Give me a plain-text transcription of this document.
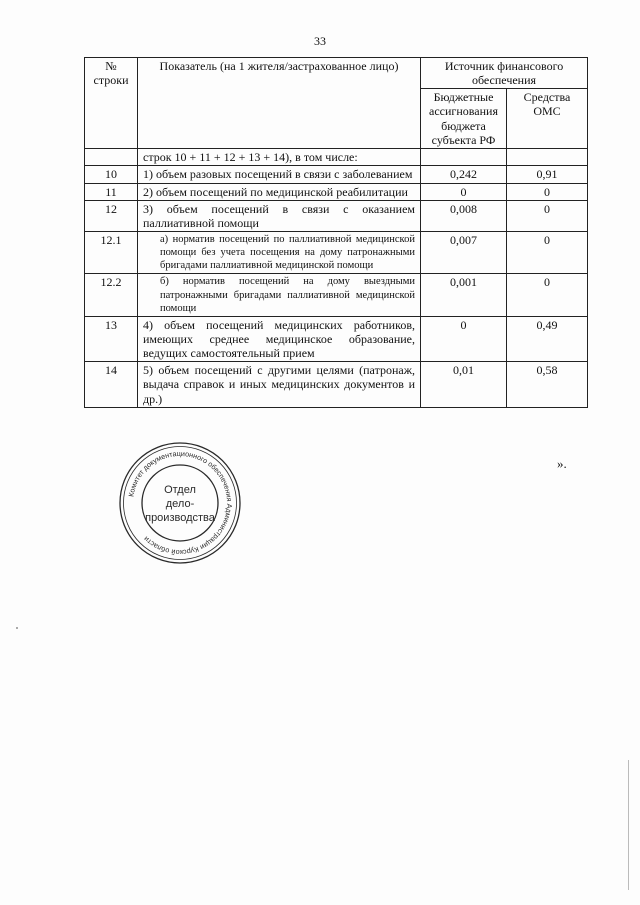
33
№ строки	Показатель (на 1 жителя/застрахованное лицо)	Источник финансового обеспечения	
		Бюджетные ассигнования бюджета субъекта РФ	Средства ОМС
	строк 10 + 11 + 12 + 13 + 14), в том числе:		
10	1) объем разовых посещений в связи с заболеванием	0,242	0,91
11	2) объем посещений по медицинской реабилитации	0	0
12	3) объем посещений в связи с оказанием паллиативной помощи	0,008	0
12.1	а) норматив посещений по паллиативной медицинской помощи без учета посещения на дому патронажными бригадами паллиативной медицинской помощи	0,007	0
12.2	б) норматив посещений на дому выездными патронажными бригадами паллиативной медицинской помощи	0,001	0
13	4) объем посещений медицинских работников, имеющих среднее медицинское образование, ведущих самостоятельный прием	0	0,49
14	5) объем посещений с другими целями (патронаж, выдача справок и иных медицинских документов и др.)	0,01	0,58
».
Комитет документационного обеспечения Администрации Курской области
Отдел
дело-
производства
